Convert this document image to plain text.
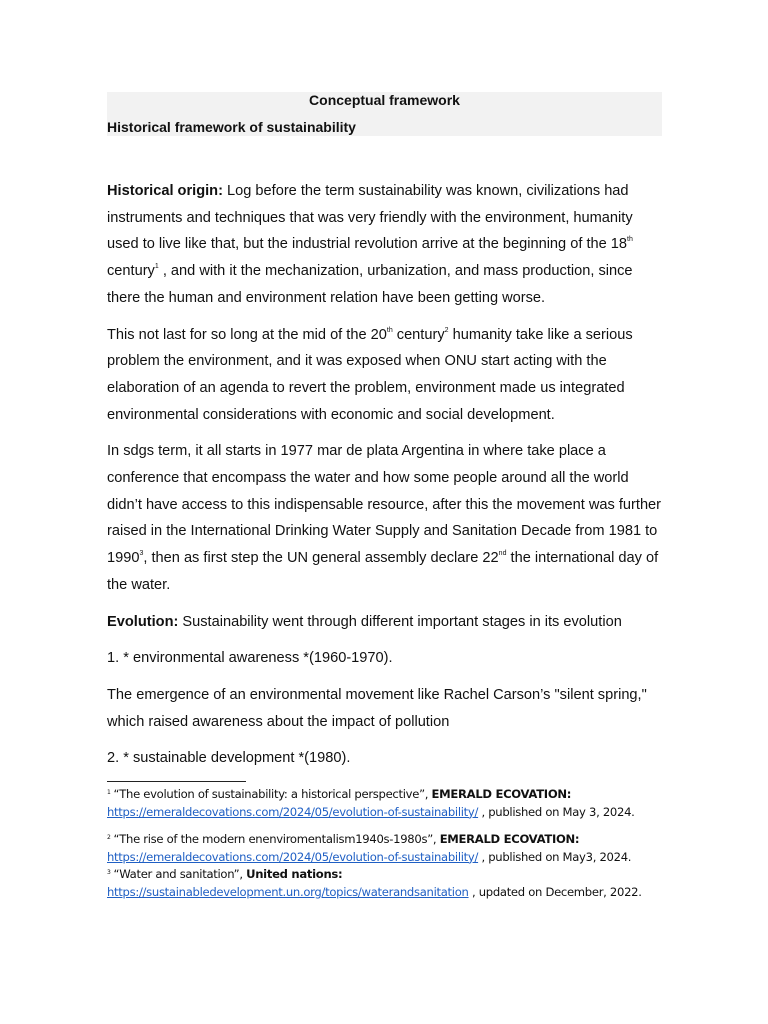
Conceptual framework
Historical framework of sustainability

Historical origin: Log before the term sustainability was known, civilizations had instruments and techniques that was very friendly with the environment, humanity used to live like that, but the industrial revolution arrive at the beginning of the 18th century$^1$ , and with it the mechanization, urbanization, and mass production, since there the human and environment relation have been getting worse.

This not last for so long at the mid of the 20th century$^2$ humanity take like a serious problem the environment, and it was exposed when ONU start acting with the elaboration of an agenda to revert the problem, environment made us integrated environmental considerations with economic and social development.

In sdgs term, it all starts in 1977 mar de plata Argentina in where take place a conference that encompass the water and how some people around all the world didn’t have access to this indispensable resource, after this the movement was further raised in the International Drinking Water Supply and Sanitation Decade from 1981 to 1990$^3$, then as first step the UN general assembly declare 22nd the international day of the water.

Evolution: Sustainability went through different important stages in its evolution

1. * environmental awareness *(1960-1970).

The emergence of an environmental movement like Rachel Carson’s "silent spring," which raised awareness about the impact of pollution

2. * sustainable development *(1980).

$^1$ “The evolution of sustainability: a historical perspective”, EMERALD ECOVATION:
https://emeraldecovations.com/2024/05/evolution-of-sustainability/ , published on May 3, 2024.
$^2$ “The rise of the modern enenviromentalism1940s-1980s”, EMERALD ECOVATION:
https://emeraldecovations.com/2024/05/evolution-of-sustainability/ , published on May3, 2024.
$^3$ “Water and sanitation”, United nations:
https://sustainabledevelopment.un.org/topics/waterandsanitation , updated on December, 2022.
